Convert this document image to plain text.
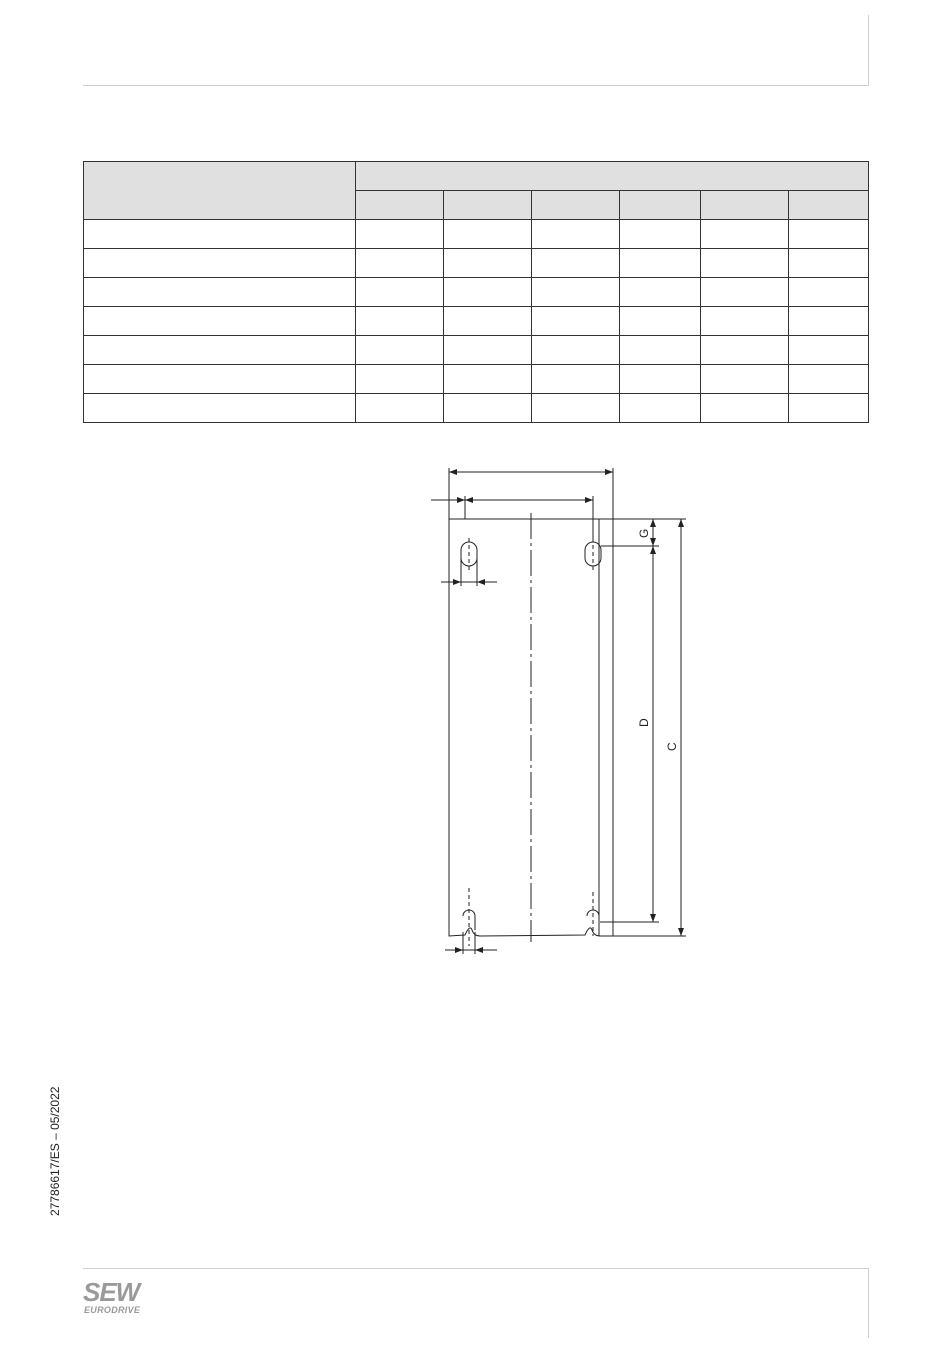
G
D
C
27786617/ES – 05/2022
SEW
EURODRIVE
